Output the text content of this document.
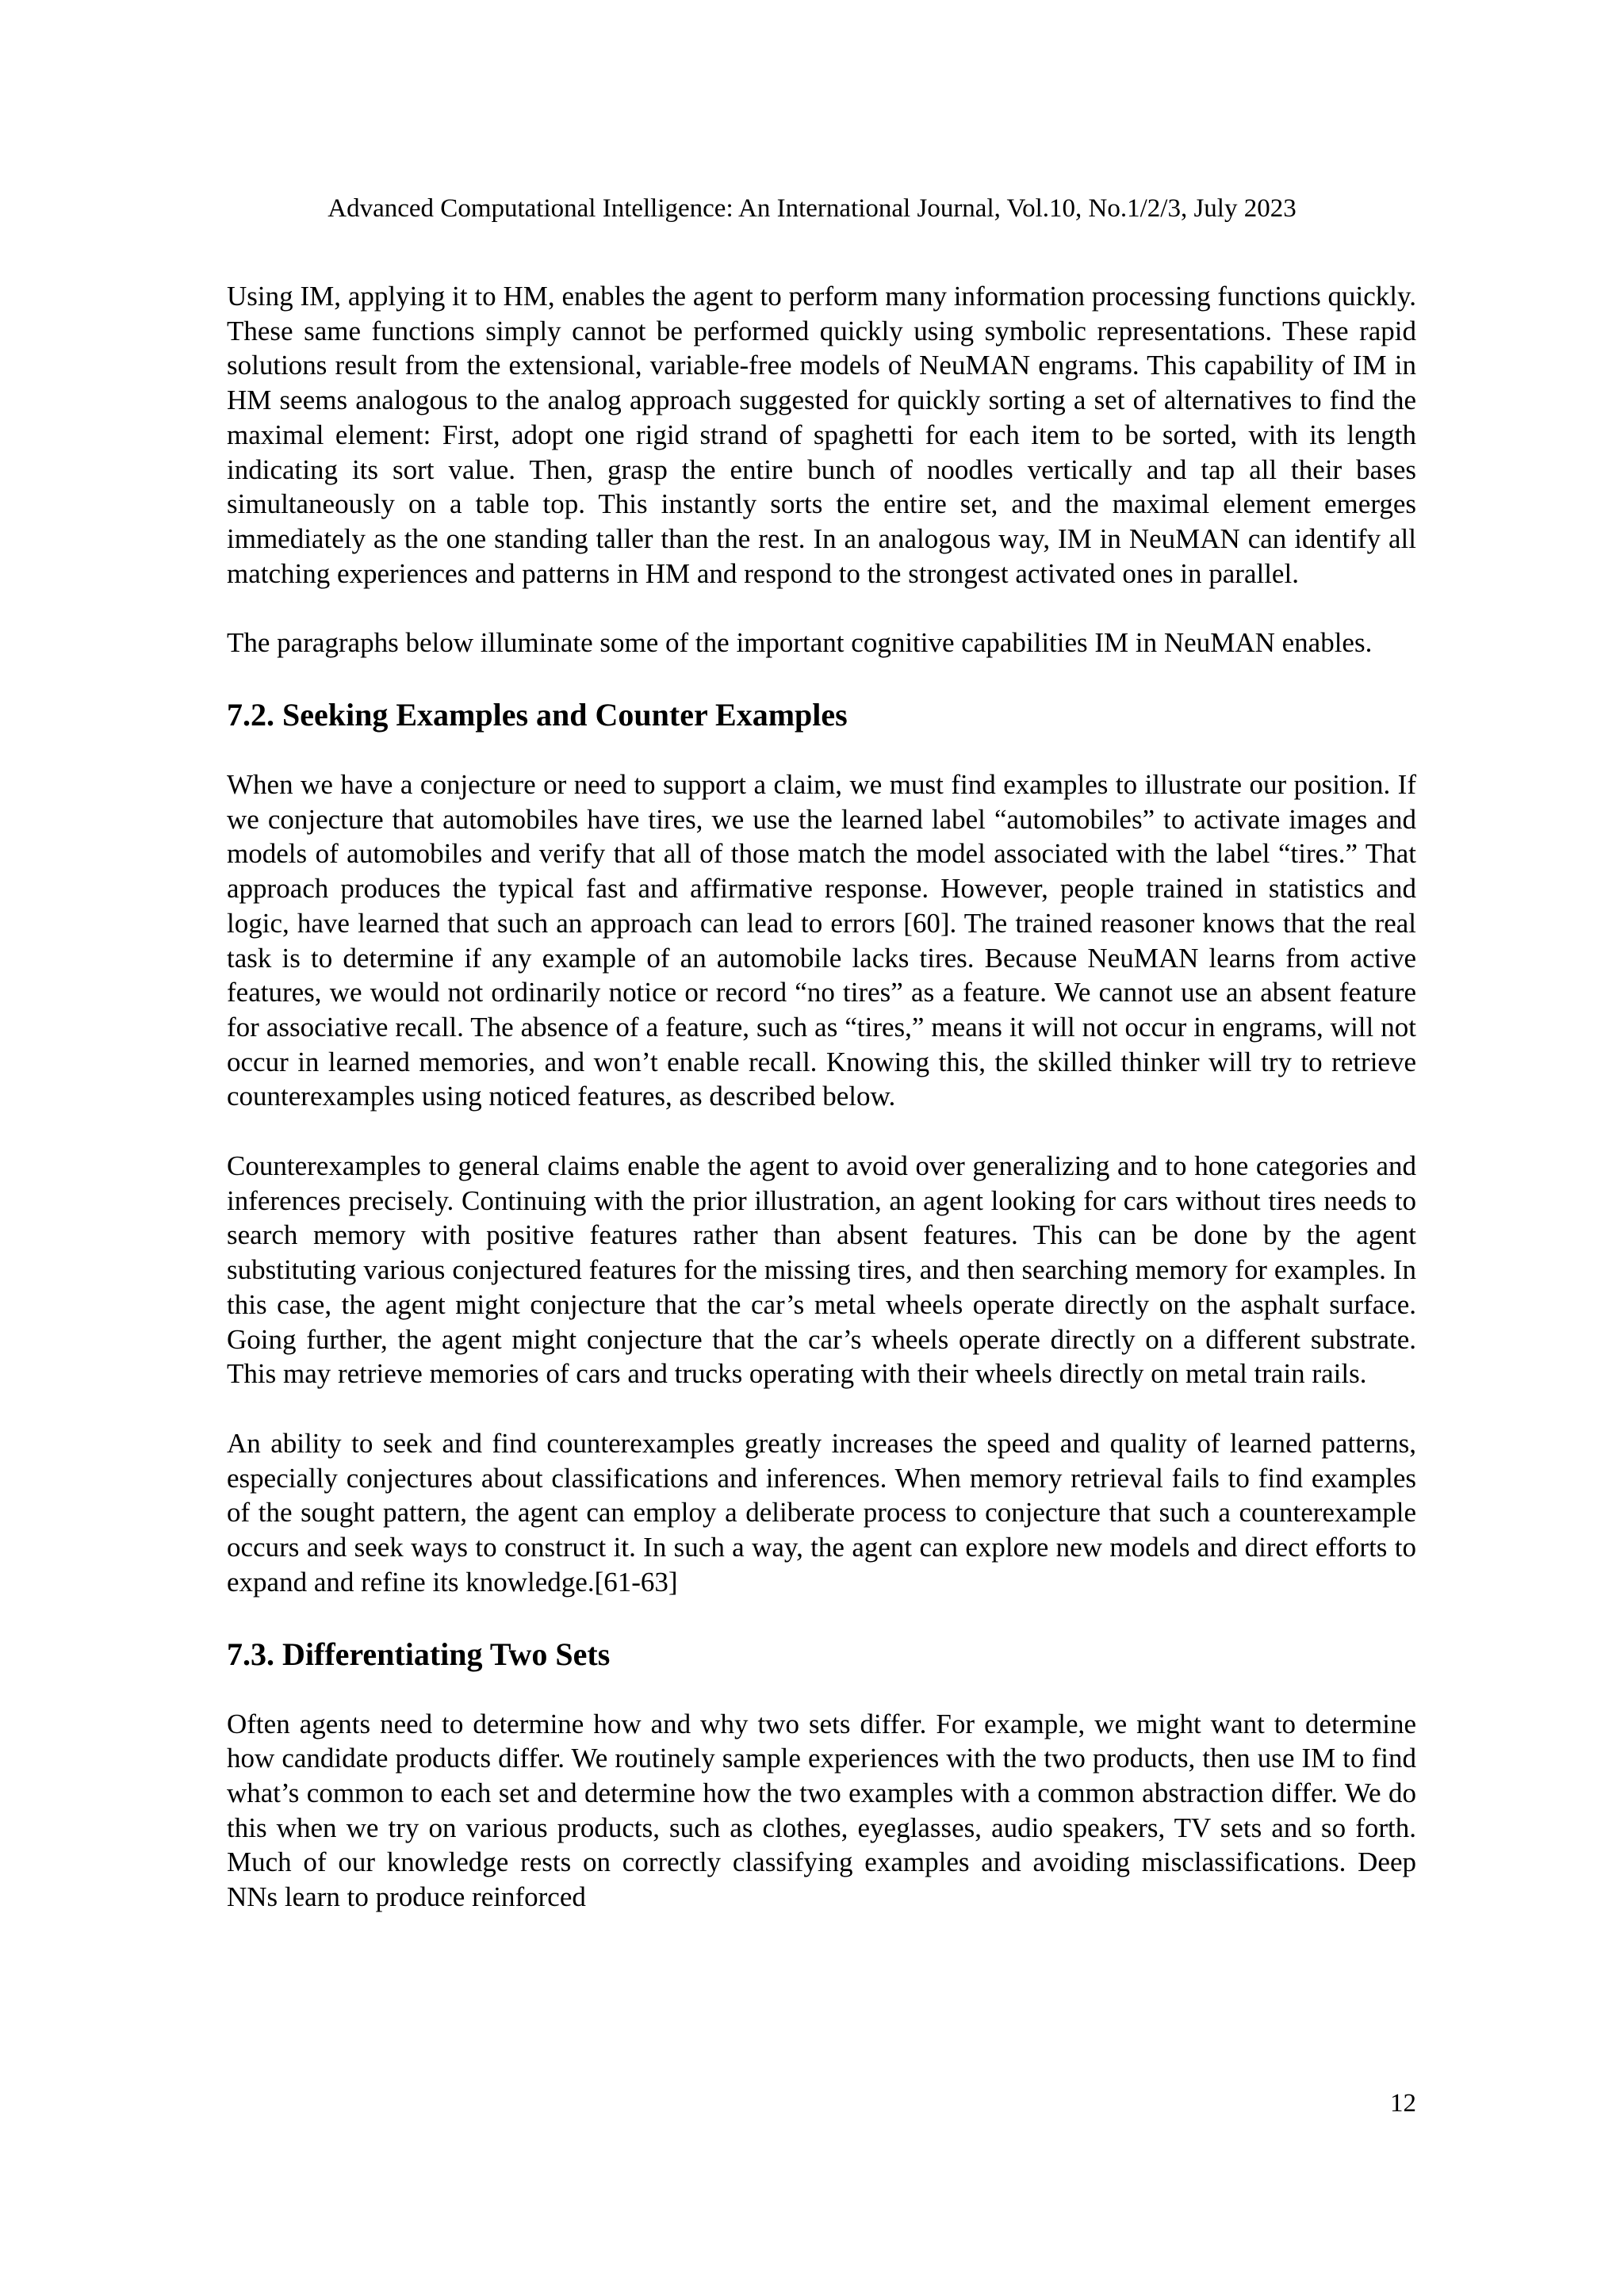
Advanced Computational Intelligence: An International Journal, Vol.10, No.1/2/3, July 2023

Using IM, applying it to HM, enables the agent to perform many information processing functions quickly. These same functions simply cannot be performed quickly using symbolic representations. These rapid solutions result from the extensional, variable-free models of NeuMAN engrams. This capability of IM in HM seems analogous to the analog approach suggested for quickly sorting a set of alternatives to find the maximal element: First, adopt one rigid strand of spaghetti for each item to be sorted, with its length indicating its sort value. Then, grasp the entire bunch of noodles vertically and tap all their bases simultaneously on a table top. This instantly sorts the entire set, and the maximal element emerges immediately as the one standing taller than the rest. In an analogous way, IM in NeuMAN can identify all matching experiences and patterns in HM and respond to the strongest activated ones in parallel.

The paragraphs below illuminate some of the important cognitive capabilities IM in NeuMAN enables.

7.2. Seeking Examples and Counter Examples

When we have a conjecture or need to support a claim, we must find examples to illustrate our position. If we conjecture that automobiles have tires, we use the learned label “automobiles” to activate images and models of automobiles and verify that all of those match the model associated with the label “tires.” That approach produces the typical fast and affirmative response. However, people trained in statistics and logic, have learned that such an approach can lead to errors [60]. The trained reasoner knows that the real task is to determine if any example of an automobile lacks tires. Because NeuMAN learns from active features, we would not ordinarily notice or record “no tires” as a feature. We cannot use an absent feature for associative recall. The absence of a feature, such as “tires,” means it will not occur in engrams, will not occur in learned memories, and won’t enable recall. Knowing this, the skilled thinker will try to retrieve counterexamples using noticed features, as described below.

Counterexamples to general claims enable the agent to avoid over generalizing and to hone categories and inferences precisely. Continuing with the prior illustration, an agent looking for cars without tires needs to search memory with positive features rather than absent features. This can be done by the agent substituting various conjectured features for the missing tires, and then searching memory for examples. In this case, the agent might conjecture that the car’s metal wheels operate directly on the asphalt surface. Going further, the agent might conjecture that the car’s wheels operate directly on a different substrate. This may retrieve memories of cars and trucks operating with their wheels directly on metal train rails.

An ability to seek and find counterexamples greatly increases the speed and quality of learned patterns, especially conjectures about classifications and inferences. When memory retrieval fails to find examples of the sought pattern, the agent can employ a deliberate process to conjecture that such a counterexample occurs and seek ways to construct it. In such a way, the agent can explore new models and direct efforts to expand and refine its knowledge.[61-63]

7.3. Differentiating Two Sets

Often agents need to determine how and why two sets differ. For example, we might want to determine how candidate products differ. We routinely sample experiences with the two products, then use IM to find what’s common to each set and determine how the two examples with a common abstraction differ. We do this when we try on various products, such as clothes, eyeglasses, audio speakers, TV sets and so forth. Much of our knowledge rests on correctly classifying examples and avoiding misclassifications. Deep NNs learn to produce reinforced

12
